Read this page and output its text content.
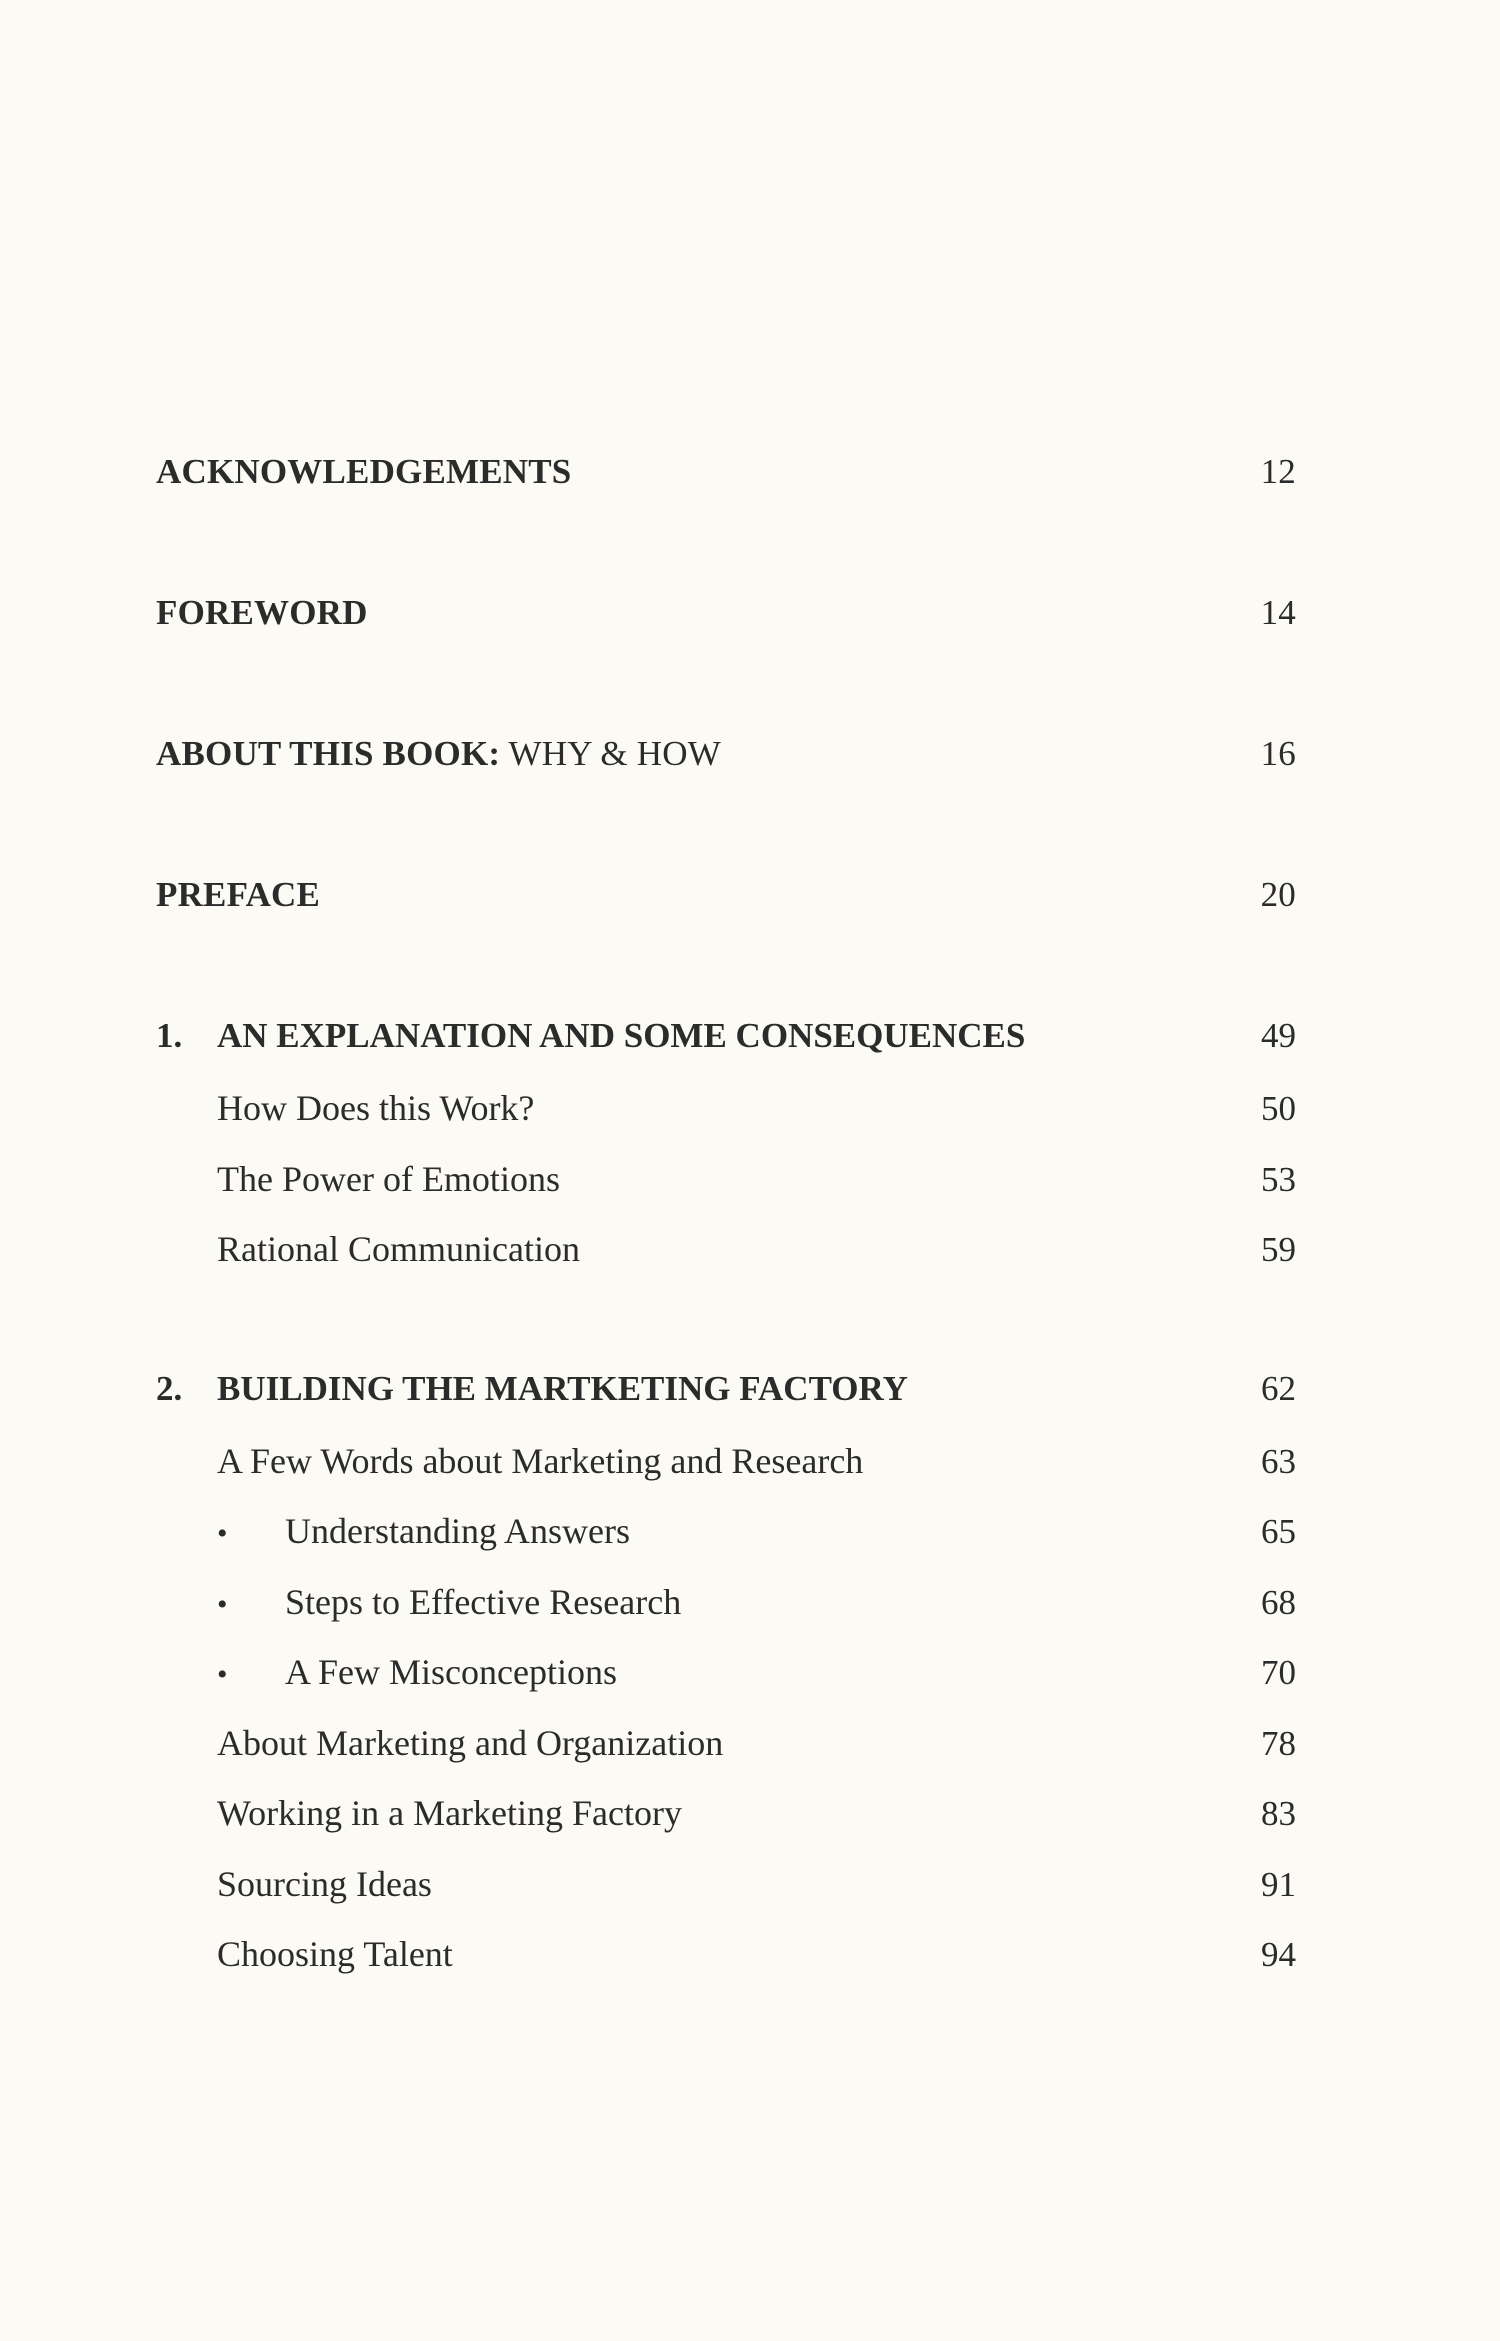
ACKNOWLEDGEMENTS	12
FOREWORD	14
ABOUT THIS BOOK: WHY & HOW	16
PREFACE	20
1. AN EXPLANATION AND SOME CONSEQUENCES	49
How Does this Work?	50
The Power of Emotions	53
Rational Communication	59
2. BUILDING THE MARTKETING FACTORY	62
A Few Words about Marketing and Research	63
• Understanding Answers	65
• Steps to Effective Research	68
• A Few Misconceptions	70
About Marketing and Organization	78
Working in a Marketing Factory	83
Sourcing Ideas	91
Choosing Talent	94
